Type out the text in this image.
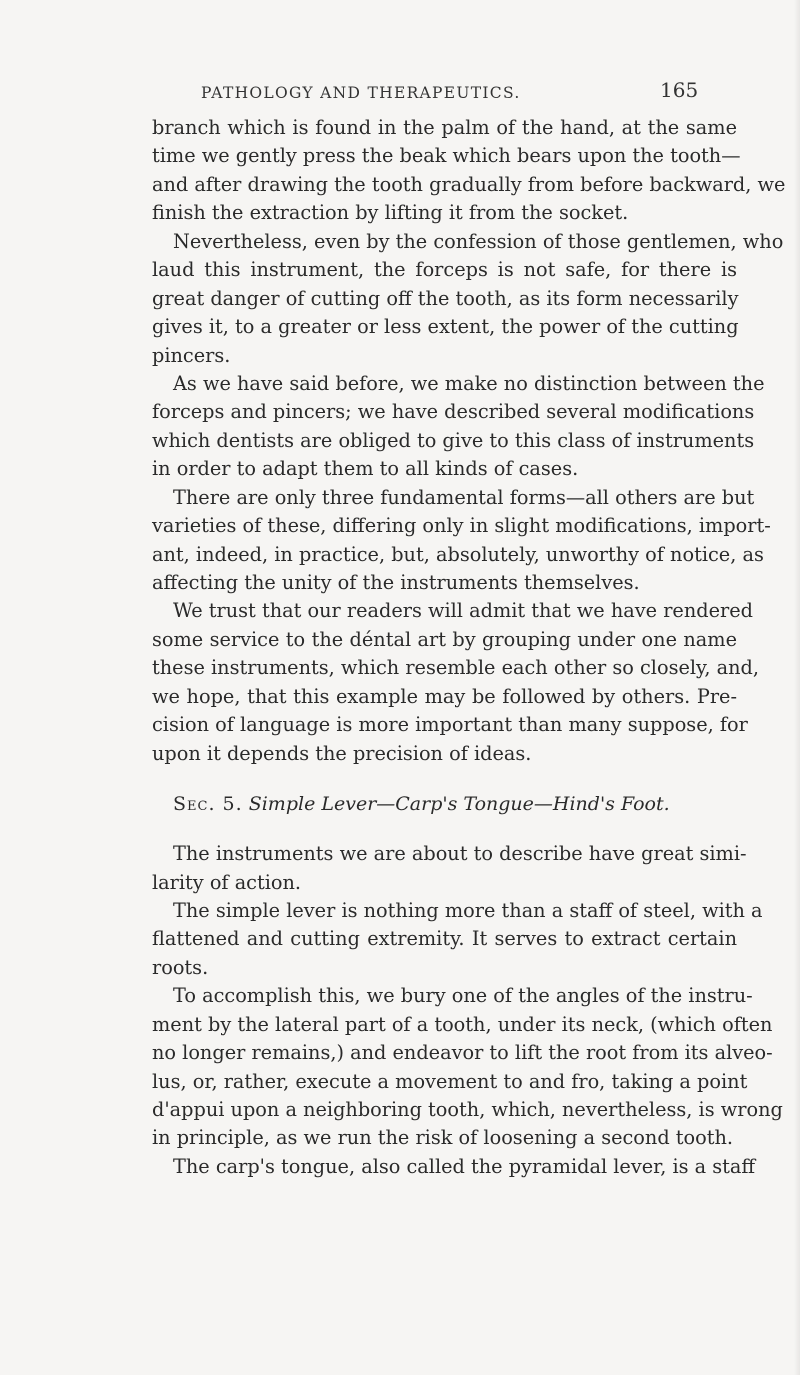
PATHOLOGY AND THERAPEUTICS.	165
branch which is found in the palm of the hand, at the same
time we gently press the beak which bears upon the tooth—
and after drawing the tooth gradually from before backward, we
finish the extraction by lifting it from the socket.
Nevertheless, even by the confession of those gentlemen, who
laud this instrument, the forceps is not safe, for there is
great danger of cutting off the tooth, as its form necessarily
gives it, to a greater or less extent, the power of the cutting
pincers.
As we have said before, we make no distinction between the
forceps and pincers; we have described several modifications
which dentists are obliged to give to this class of instruments
in order to adapt them to all kinds of cases.
There are only three fundamental forms—all others are but
varieties of these, differing only in slight modifications, import-
ant, indeed, in practice, but, absolutely, unworthy of notice, as
affecting the unity of the instruments themselves.
We trust that our readers will admit that we have rendered
some service to the déntal art by grouping under one name
these instruments, which resemble each other so closely, and,
we hope, that this example may be followed by others. Pre-
cision of language is more important than many suppose, for
upon it depends the precision of ideas.
Sec. 5. Simple Lever—Carp's Tongue—Hind's Foot.
The instruments we are about to describe have great simi-
larity of action.
The simple lever is nothing more than a staff of steel, with a
flattened and cutting extremity. It serves to extract certain
roots.
To accomplish this, we bury one of the angles of the instru-
ment by the lateral part of a tooth, under its neck, (which often
no longer remains,) and endeavor to lift the root from its alveo-
lus, or, rather, execute a movement to and fro, taking a point
d'appui upon a neighboring tooth, which, nevertheless, is wrong
in principle, as we run the risk of loosening a second tooth.
The carp's tongue, also called the pyramidal lever, is a staff
